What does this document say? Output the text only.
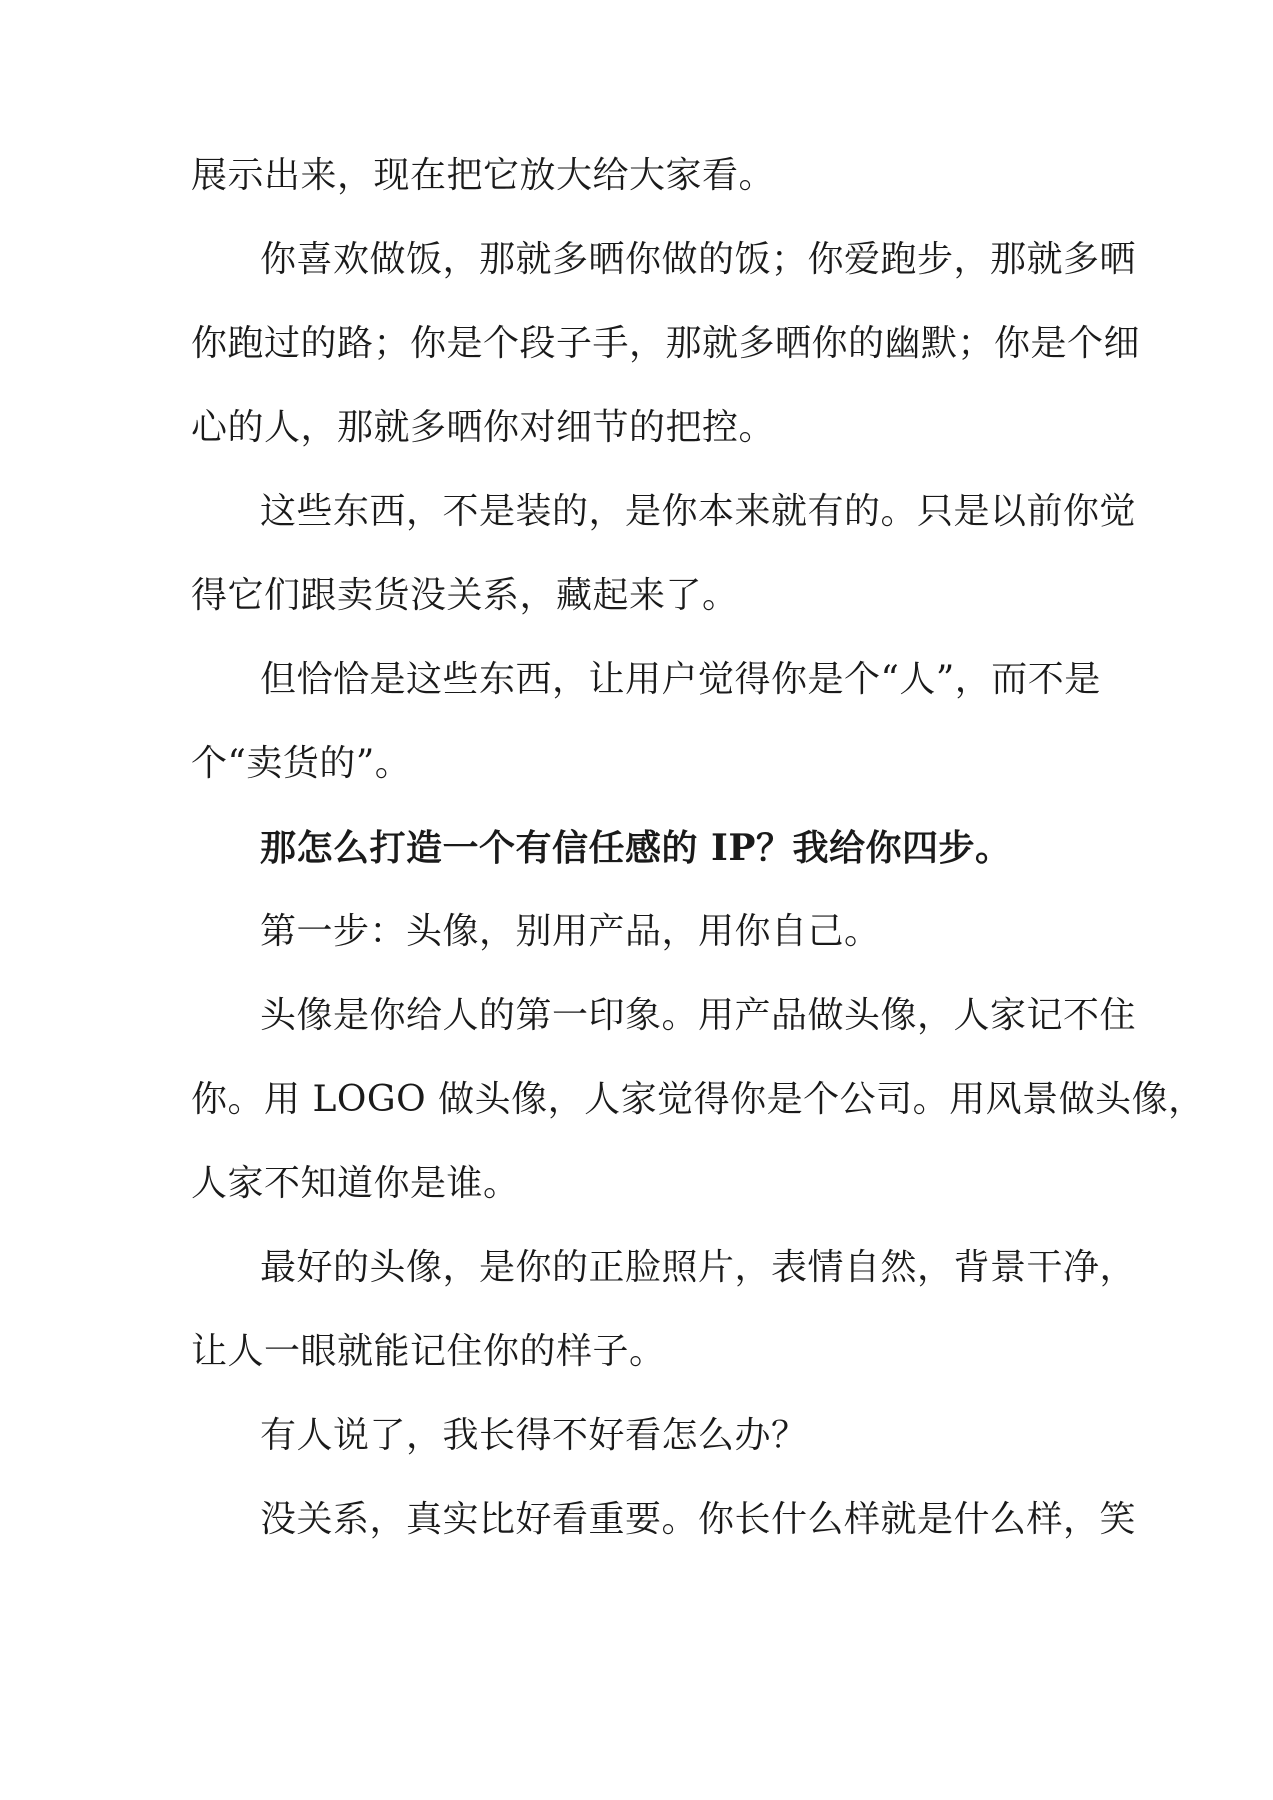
展示出来，现在把它放大给大家看。
你喜欢做饭，那就多晒你做的饭；你爱跑步，那就多晒
你跑过的路；你是个段子手，那就多晒你的幽默；你是个细
心的人，那就多晒你对细节的把控。
这些东西，不是装的，是你本来就有的。只是以前你觉
得它们跟卖货没关系，藏起来了。
但恰恰是这些东西，让用户觉得你是个“人”，而不是
个“卖货的”。
那怎么打造一个有信任感的 IP？我给你四步。
第一步：头像，别用产品，用你自己。
头像是你给人的第一印象。用产品做头像，人家记不住
你。用 LOGO 做头像，人家觉得你是个公司。用风景做头像，
人家不知道你是谁。
最好的头像，是你的正脸照片，表情自然，背景干净，
让人一眼就能记住你的样子。
有人说了，我长得不好看怎么办？
没关系，真实比好看重要。你长什么样就是什么样，笑
